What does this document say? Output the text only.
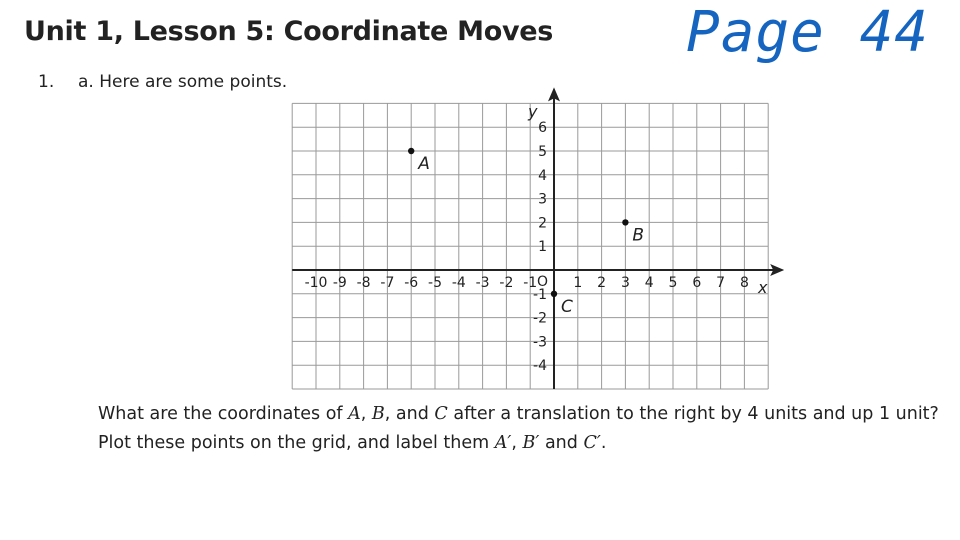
Unit 1, Lesson 5: Coordinate Moves Page 44
1. a. Here are some points.
y
x
O
-10 -9 -8 -7 -6 -5 -4 -3 -2 -1	1 2 3 4 5 6 7 8
6
5
4
3
2
1
-1
-2
-3
-4
A
B
C
What are the coordinates of A, B, and C after a translation to the right by 4 units and up 1 unit?
Plot these points on the grid, and label them A′, B′ and C′.
